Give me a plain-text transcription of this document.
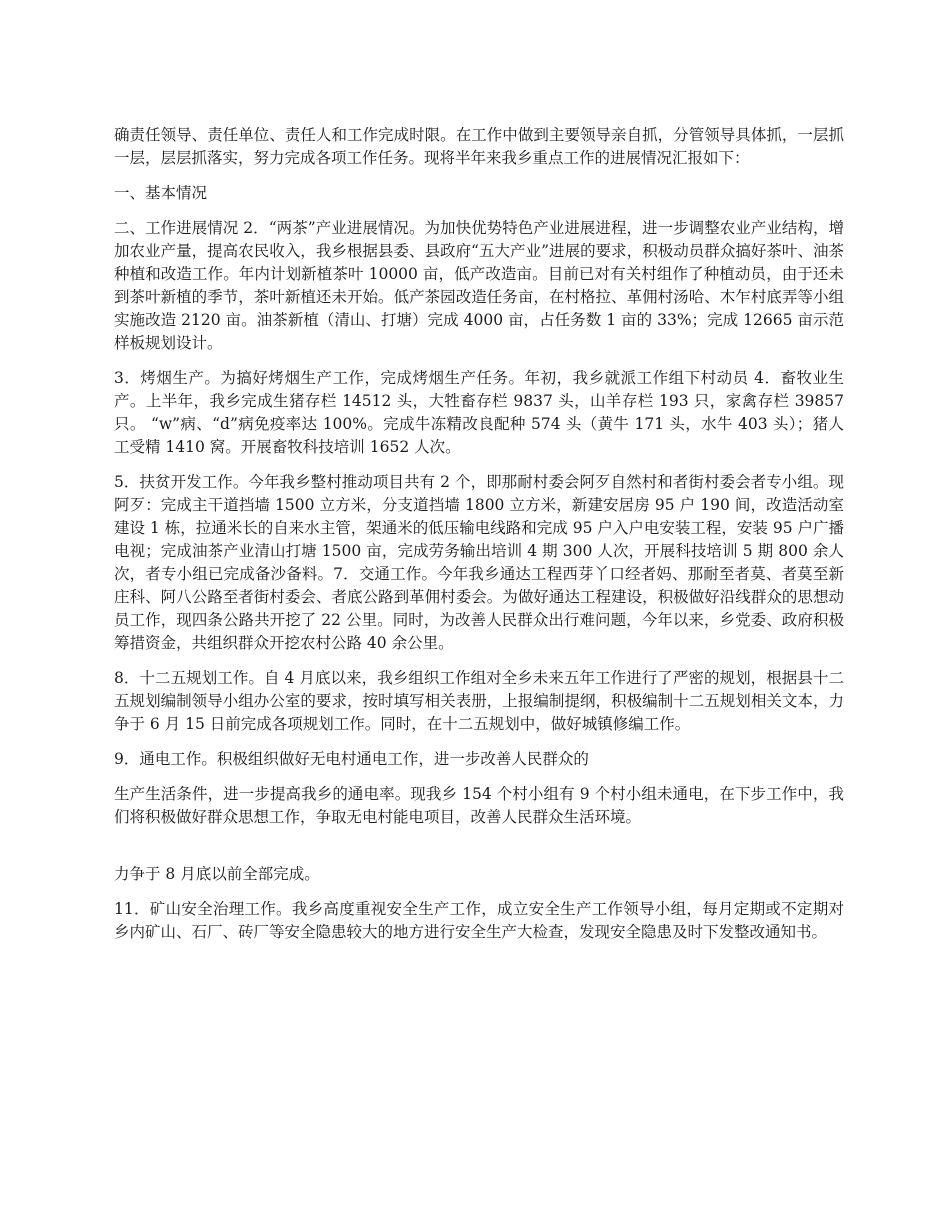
确责任领导、责任单位、责任人和工作完成时限。在工作中做到主要领导亲自抓，分管领导具体抓，一层抓一层，层层抓落实，努力完成各项工作任务。现将半年来我乡重点工作的进展情况汇报如下：

一、基本情况

二、工作进展情况 2．“两茶”产业进展情况。为加快优势特色产业进展进程，进一步调整农业产业结构，增加农业产量，提高农民收入，我乡根据县委、县政府“五大产业”进展的要求，积极动员群众搞好茶叶、油茶种植和改造工作。年内计划新植茶叶 10000 亩，低产改造亩。目前已对有关村组作了种植动员，由于还未到茶叶新植的季节，茶叶新植还未开始。低产茶园改造任务亩，在村格拉、革佣村汤哈、木乍村底弄等小组实施改造 2120 亩。油茶新植（清山、打塘）完成 4000 亩，占任务数 1 亩的 33%；完成 12665 亩示范样板规划设计。

3．烤烟生产。为搞好烤烟生产工作，完成烤烟生产任务。年初，我乡就派工作组下村动员 4．畜牧业生产。上半年，我乡完成生猪存栏 14512 头，大牲畜存栏 9837 头，山羊存栏 193 只，家禽存栏 39857 只。 “w”病、“d”病免疫率达 100%。完成牛冻精改良配种 574 头（黄牛 171 头，水牛 403 头）；猪人工受精 1410 窝。开展畜牧科技培训 1652 人次。

5．扶贫开发工作。今年我乡整村推动项目共有 2 个，即那耐村委会阿歹自然村和者街村委会者专小组。现阿歹：完成主干道挡墙 1500 立方米，分支道挡墙 1800 立方米，新建安居房 95 户 190 间，改造活动室建设 1 栋，拉通米长的自来水主管，架通米的低压输电线路和完成 95 户入户电安装工程，安装 95 户广播电视；完成油茶产业清山打塘 1500 亩，完成劳务输出培训 4 期 300 人次，开展科技培训 5 期 800 余人次，者专小组已完成备沙备料。7．交通工作。今年我乡通达工程西芽丫口经者妈、那耐至者莫、者莫至新庄科、阿八公路至者街村委会、者底公路到革佣村委会。为做好通达工程建设，积极做好沿线群众的思想动员工作，现四条公路共开挖了 22 公里。同时，为改善人民群众出行难问题，今年以来，乡党委、政府积极筹措资金，共组织群众开挖农村公路 40 余公里。

8．十二五规划工作。自 4 月底以来，我乡组织工作组对全乡未来五年工作进行了严密的规划，根据县十二五规划编制领导小组办公室的要求，按时填写相关表册，上报编制提纲，积极编制十二五规划相关文本，力争于 6 月 15 日前完成各项规划工作。同时，在十二五规划中，做好城镇修编工作。

9．通电工作。积极组织做好无电村通电工作，进一步改善人民群众的

生产生活条件，进一步提高我乡的通电率。现我乡 154 个村小组有 9 个村小组未通电，在下步工作中，我们将积极做好群众思想工作，争取无电村能电项目，改善人民群众生活环境。

力争于 8 月底以前全部完成。

11．矿山安全治理工作。我乡高度重视安全生产工作，成立安全生产工作领导小组，每月定期或不定期对乡内矿山、石厂、砖厂等安全隐患较大的地方进行安全生产大检查，发现安全隐患及时下发整改通知书。
